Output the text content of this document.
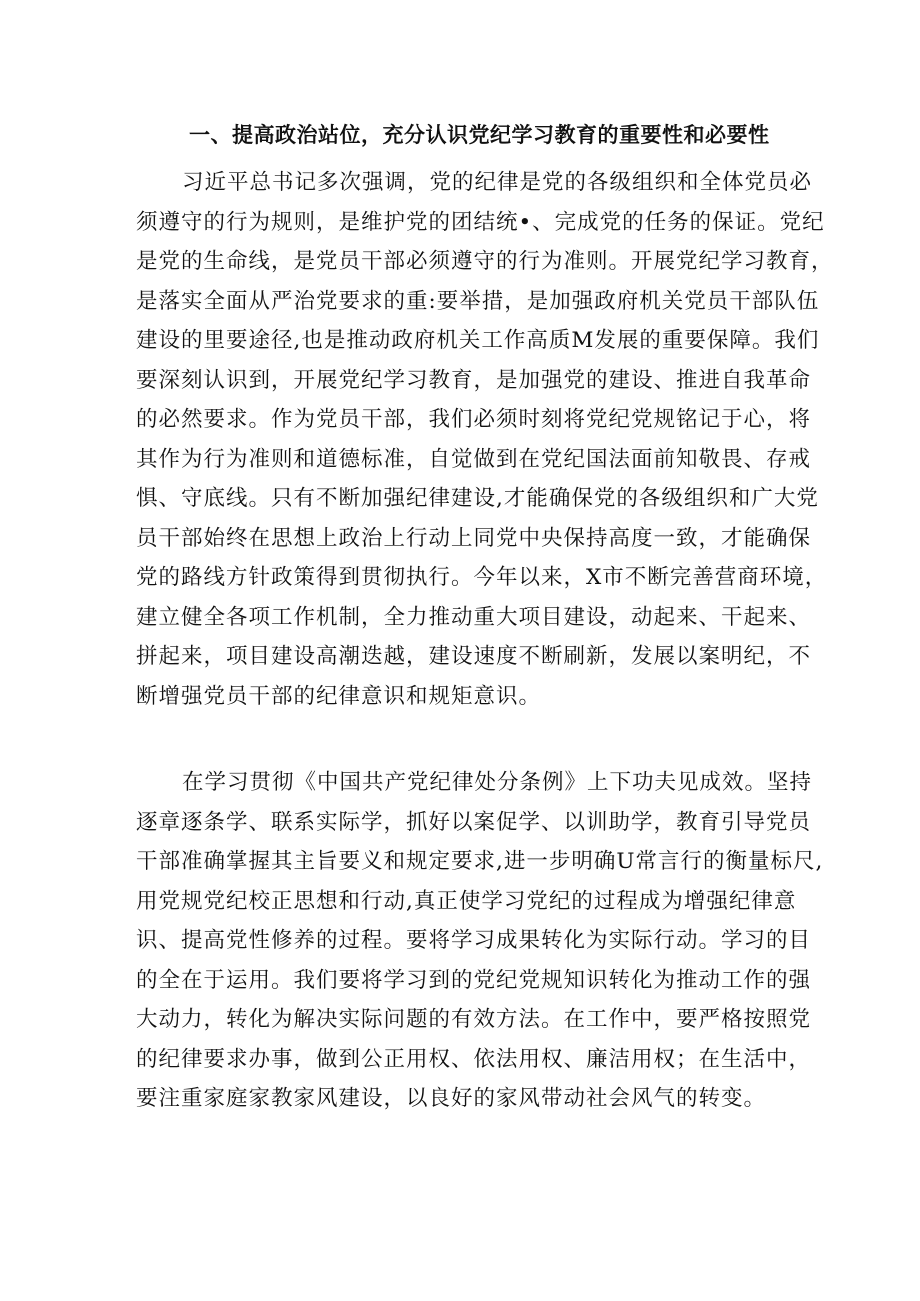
一、提高政治站位，充分认识党纪学习教育的重要性和必要性
习近平总书记多次强调，党的纪律是党的各级组织和全体党员必
须遵守的行为规则，是维护党的团结统•、完成党的任务的保证。党纪
是党的生命线，是党员干部必须遵守的行为准则。开展党纪学习教育，
是落实全面从严治党要求的重:要举措，是加强政府机关党员干部队伍
建设的里要途径,也是推动政府机关工作高质M发展的重要保障。我们
要深刻认识到，开展党纪学习教育，是加强党的建设、推进自我革命
的必然要求。作为党员干部，我们必须时刻将党纪党规铭记于心，将
其作为行为准则和道德标准，自觉做到在党纪国法面前知敬畏、存戒
惧、守底线。只有不断加强纪律建设,才能确保党的各级组织和广大党
员干部始终在思想上政治上行动上同党中央保持高度一致，才能确保
党的路线方针政策得到贯彻执行。今年以来，X市不断完善营商环境，
建立健全各项工作机制，全力推动重大项目建设，动起来、干起来、
拼起来，项目建设高潮迭越，建设速度不断刷新，发展以案明纪，不
断增强党员干部的纪律意识和规矩意识。
在学习贯彻《中国共产党纪律处分条例》上下功夫见成效。坚持
逐章逐条学、联系实际学，抓好以案促学、以训助学，教育引导党员
干部准确掌握其主旨要义和规定要求,进一步明确U常言行的衡量标尺,
用党规党纪校正思想和行动,真正使学习党纪的过程成为增强纪律意
识、提高党性修养的过程。要将学习成果转化为实际行动。学习的目
的全在于运用。我们要将学习到的党纪党规知识转化为推动工作的强
大动力，转化为解决实际问题的有效方法。在工作中，要严格按照党
的纪律要求办事，做到公正用权、依法用权、廉洁用权；在生活中，
要注重家庭家教家风建设，以良好的家风带动社会风气的转变。
